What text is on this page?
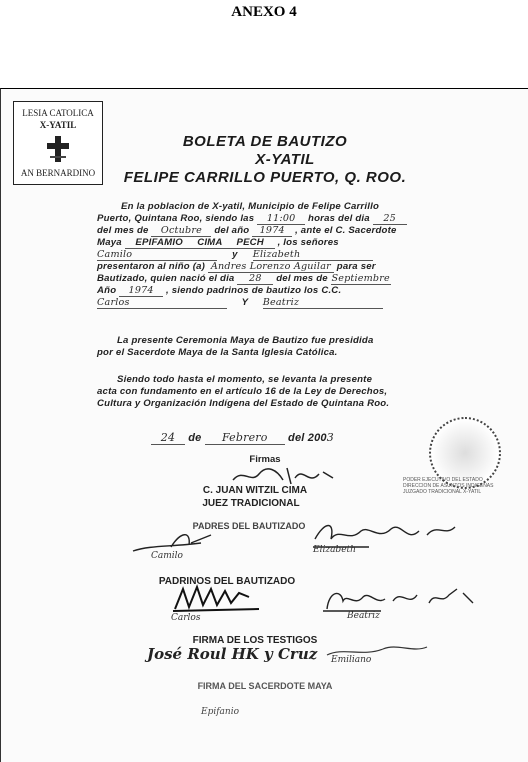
ANEXO 4
LESIA CATOLICA
X-YATIL
AN BERNARDINO
BOLETA DE BAUTIZO
X-YATIL
FELIPE CARRILLO PUERTO, Q. ROO.
En la poblacion de X-yatil, Municipio de Felipe Carrillo
Puerto, Quintana Roo, siendo las 11:00 horas del dia 25
del mes de Octubre del año 1974 , ante el C. Sacerdote
Maya EPIFAMIO     CIMA     PECH , los señores
Camilo	y Elizabeth
presentaron al niño (a) Andres Lorenzo Aguilar para ser
Bautizado, quien nació el dia 28 del mes de Septiembre
Año 1974 , siendo padrinos de bautizo los C.C.
Carlos	Y Beatriz
La presente Ceremonia Maya de Bautizo fue presidida
por el Sacerdote Maya de la Santa Iglesia Católica.
Siendo todo hasta el momento, se levanta la presente
acta con fundamento en el artículo 16 de la Ley de Derechos,
Cultura y Organización Indígena del Estado de Quintana Roo.
24 de Febrero del 2003
PODER EJECUTIVO DEL ESTADO DIRECCION DE ASUNTOS INDIGENAS JUZGADO TRADICIONAL X-YATIL
Firmas
C. JUAN WITZIL CIMA
JUEZ TRADICIONAL
PADRES DEL BAUTIZADO
Camilo
Elizabeth
PADRINOS DEL BAUTIZADO
Carlos	Beatriz
FIRMA DE LOS TESTIGOS
José Roul HK y Cruz Emiliano
FIRMA DEL SACERDOTE MAYA
Epifanio
